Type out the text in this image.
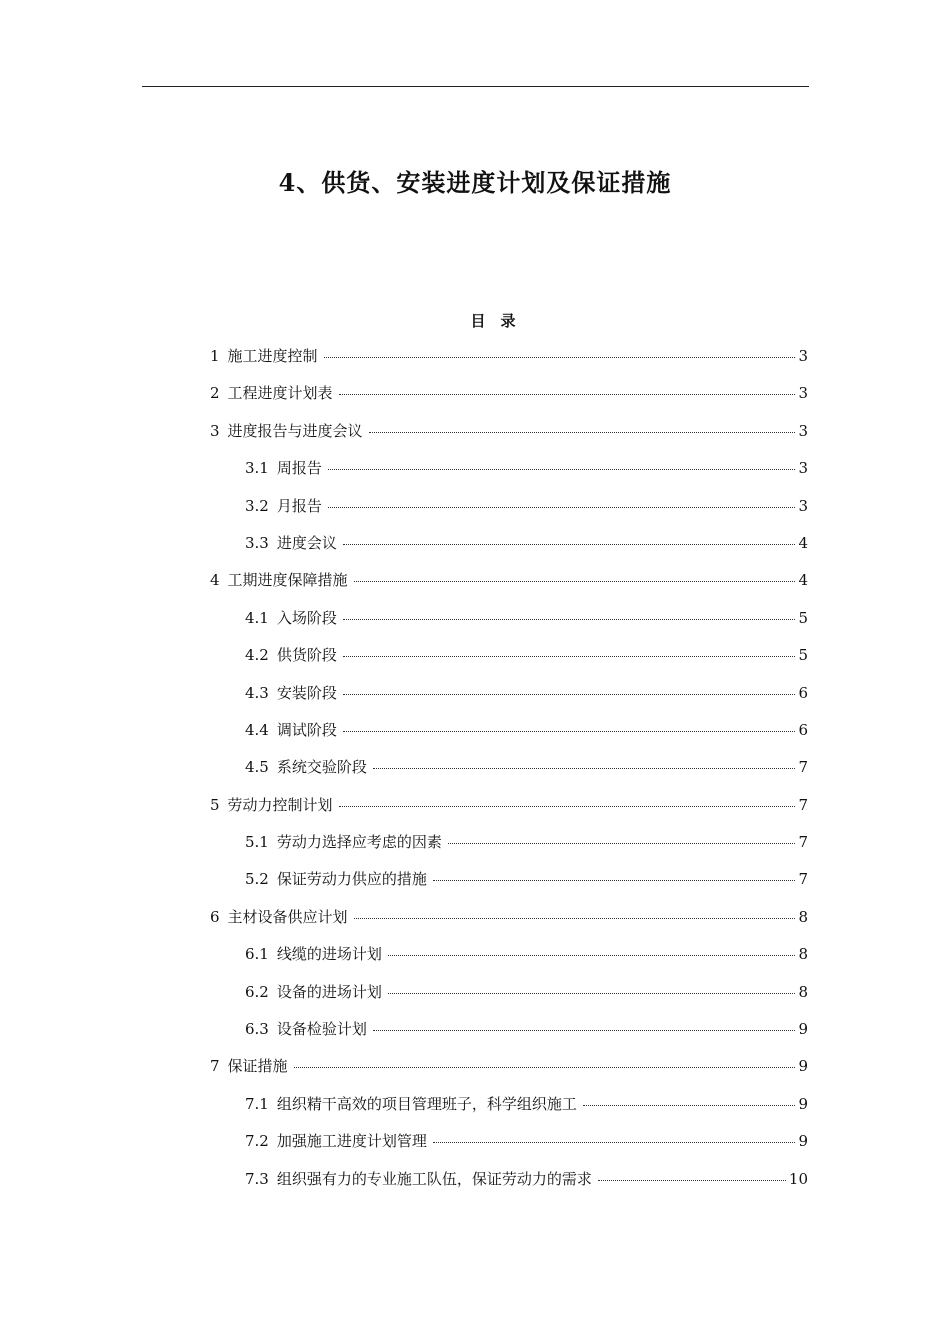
4、供货、安装进度计划及保证措施
目　录
1 施工进度控制	3
2 工程进度计划表	3
3 进度报告与进度会议	3
3.1 周报告	3
3.2 月报告	3
3.3 进度会议	4
4 工期进度保障措施	4
4.1 入场阶段	5
4.2 供货阶段	5
4.3 安装阶段	6
4.4 调试阶段	6
4.5 系统交验阶段	7
5 劳动力控制计划	7
5.1 劳动力选择应考虑的因素	7
5.2 保证劳动力供应的措施	7
6 主材设备供应计划	8
6.1 线缆的进场计划	8
6.2 设备的进场计划	8
6.3 设备检验计划	9
7 保证措施	9
7.1 组织精干高效的项目管理班子，科学组织施工	9
7.2 加强施工进度计划管理	9
7.3 组织强有力的专业施工队伍，保证劳动力的需求	10
